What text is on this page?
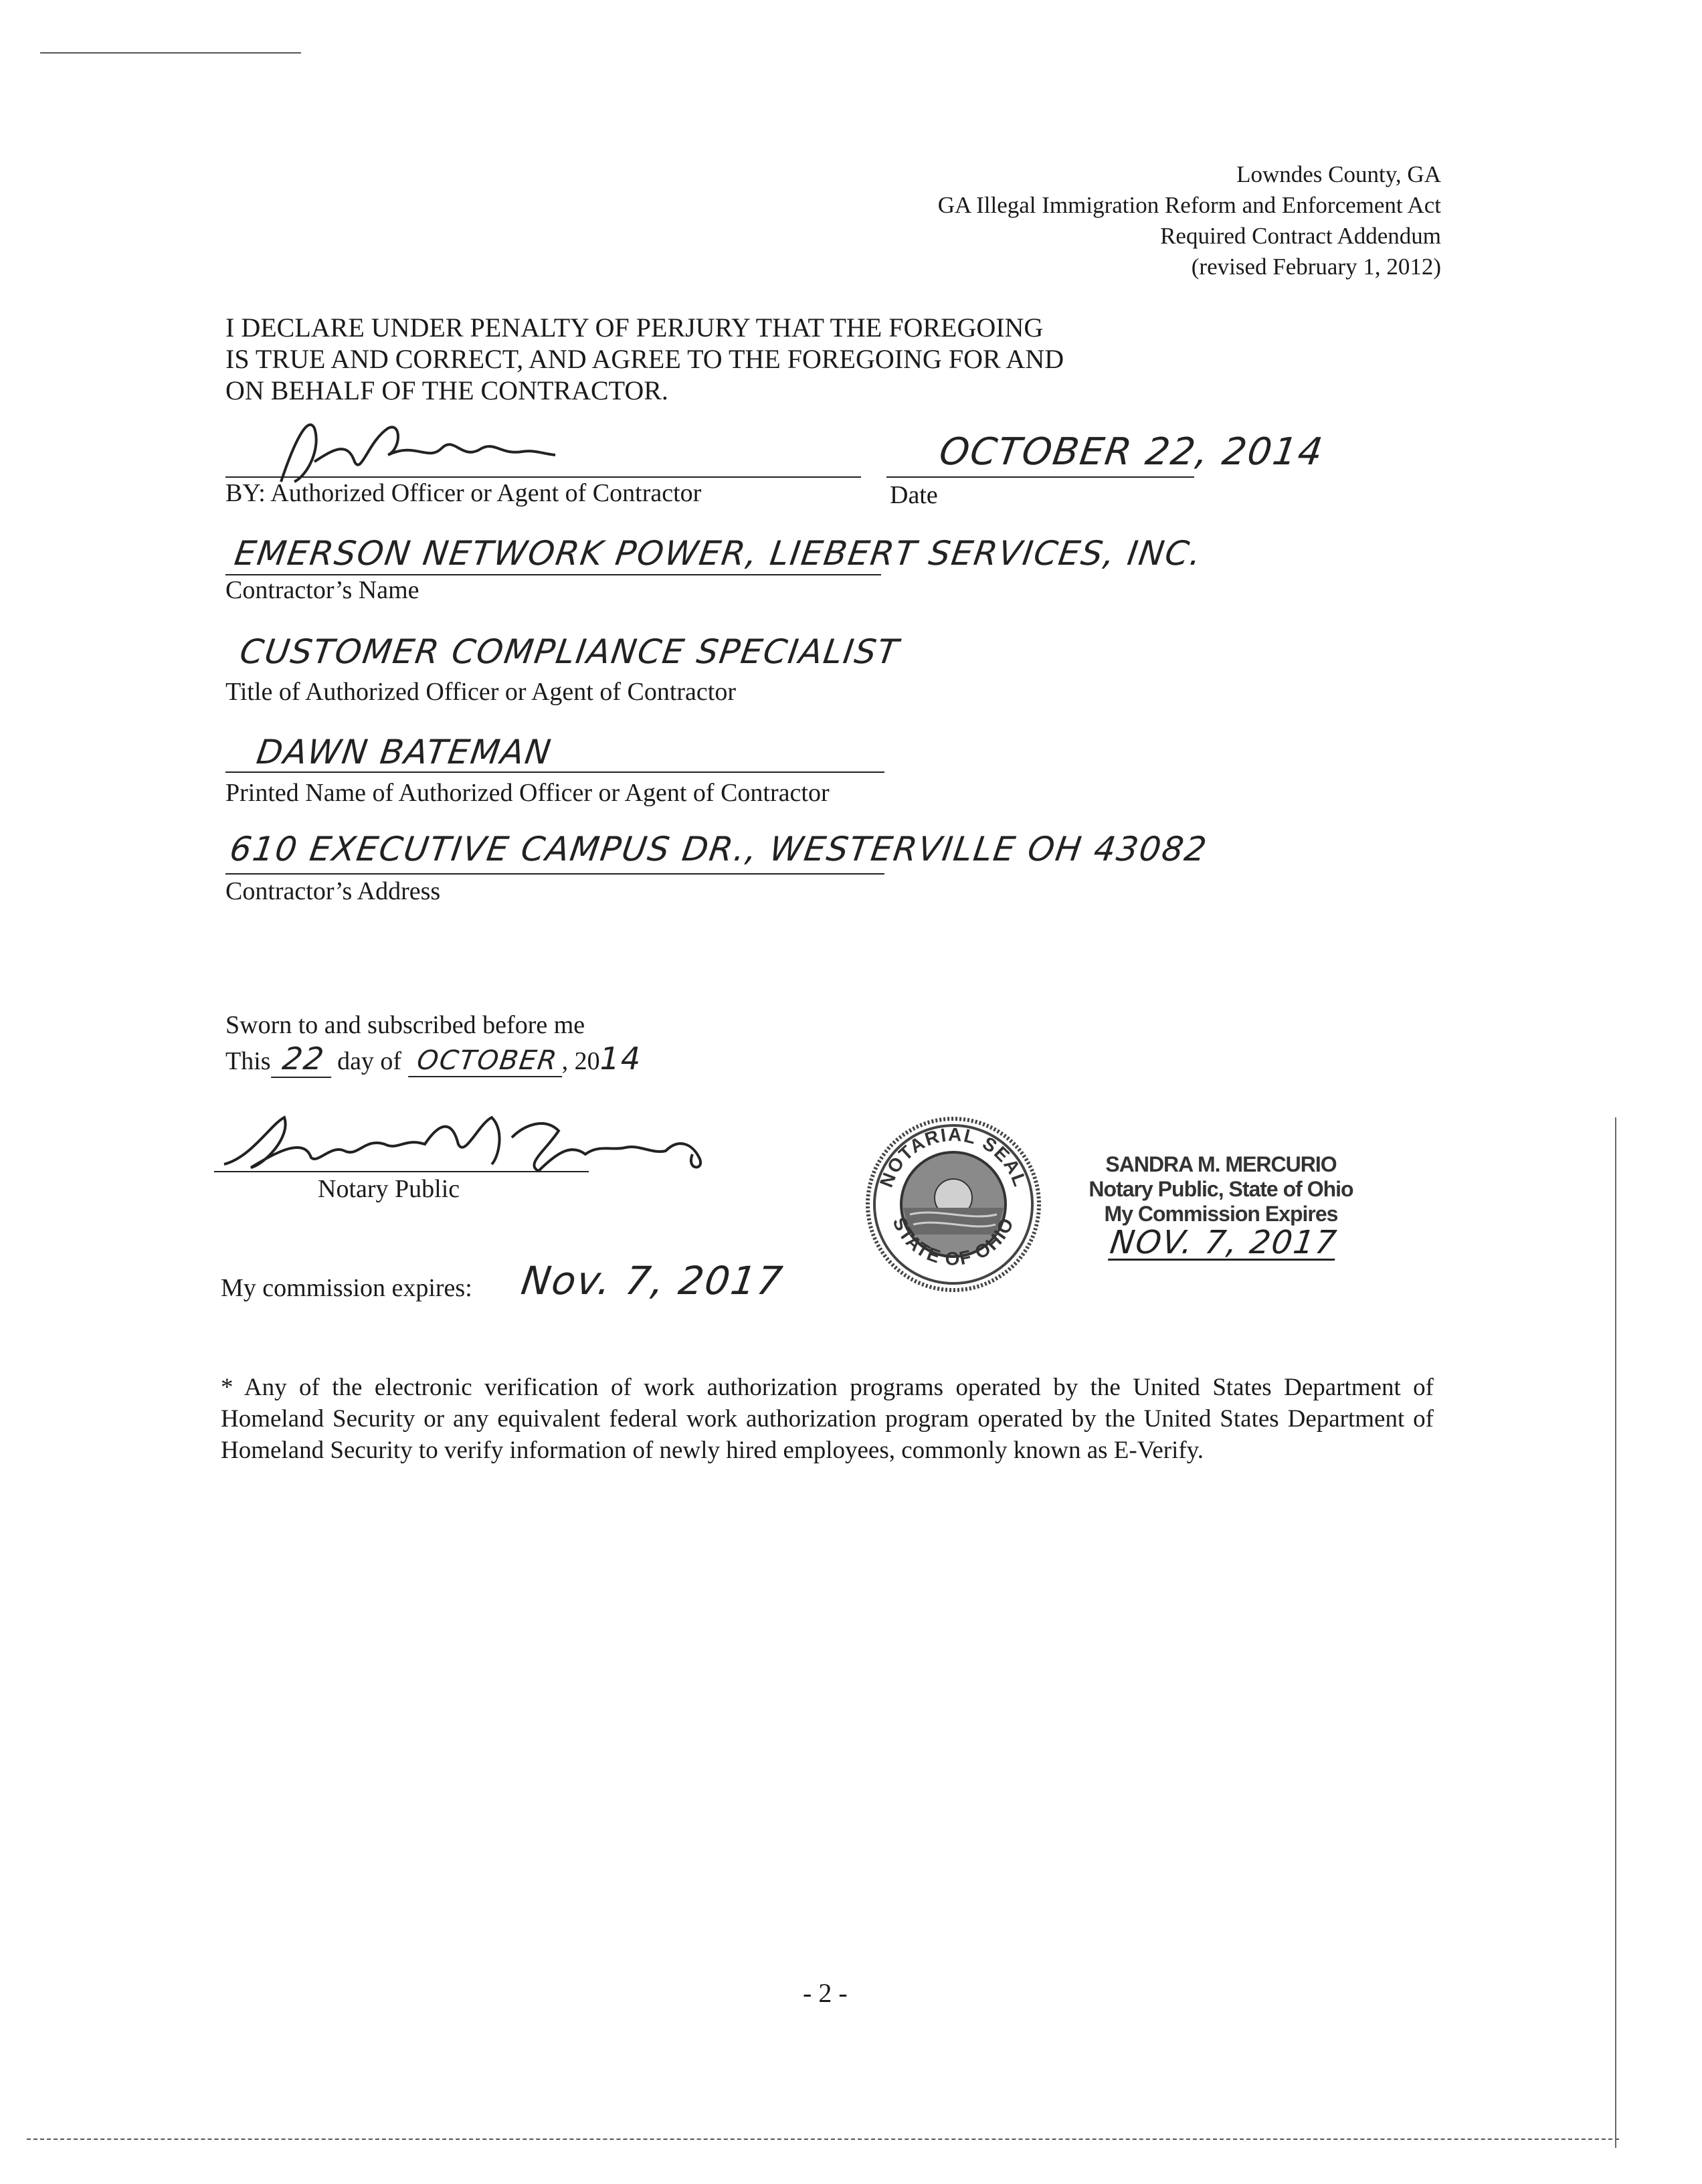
Lowndes County, GA
GA Illegal Immigration Reform and Enforcement Act
Required Contract Addendum
(revised February 1, 2012)
I DECLARE UNDER PENALTY OF PERJURY THAT THE FOREGOING
IS TRUE AND CORRECT, AND AGREE TO THE FOREGOING FOR AND
ON BEHALF OF THE CONTRACTOR.
BY: Authorized Officer or Agent of Contractor
OCTOBER 22, 2014
Date
EMERSON NETWORK POWER, LIEBERT SERVICES, INC.
Contractor’s Name
CUSTOMER COMPLIANCE SPECIALIST
Title of Authorized Officer or Agent of Contractor
DAWN BATEMAN
Printed Name of Authorized Officer or Agent of Contractor
610 EXECUTIVE CAMPUS DR., WESTERVILLE OH 43082
Contractor’s Address
Sworn to and subscribed before me
This 22 day of OCTOBER, 2014
Notary Public
My commission expires: Nov. 7, 2017
NOTARIAL SEAL
STATE OF OHIO
SANDRA M. MERCURIO
Notary Public, State of Ohio
My Commission Expires
NOV. 7, 2017
* Any of the electronic verification of work authorization programs operated by the United States Department of Homeland Security or any equivalent federal work authorization program operated by the United States Department of Homeland Security to verify information of newly hired employees, commonly known as E-Verify.
- 2 -
